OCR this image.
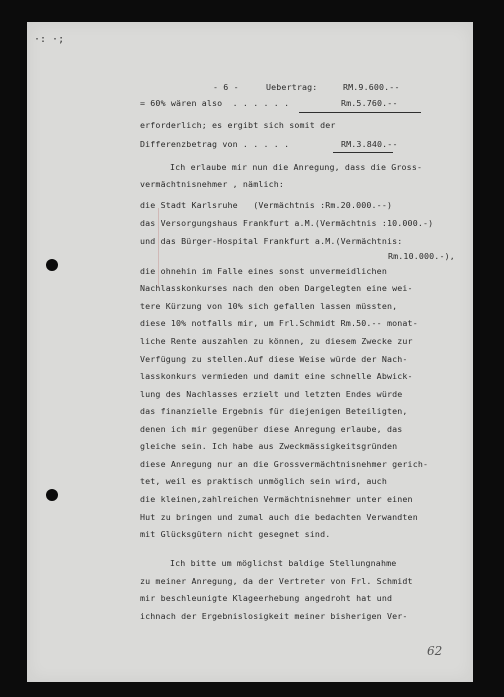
·: ·;
- 6 -	Uebertrag:	RM.9.600.--
= 60% wären also  . . . . . .	Rm.5.760.--
erforderlich; es ergibt sich somit der
Differenzbetrag von . . . . .	RM.3.840.--
Ich erlaube mir nun die Anregung, dass die Gross-
vermächtnisnehmer , nämlich:
die Stadt Karlsruhe   (Vermächtnis :Rm.20.000.--)
das Versorgungshaus Frankfurt a.M.(Vermächtnis :10.000.-)
und das Bürger-Hospital Frankfurt a.M.(Vermächtnis:
Rm.10.000.-),
die ohnehin im Falle eines sonst unvermeidlichen
Nachlasskonkurses nach den oben Dargelegten eine wei-
tere Kürzung von 10% sich gefallen lassen müssten,
diese 10% notfalls mir, um Frl.Schmidt Rm.50.-- monat-
liche Rente auszahlen zu können, zu diesem Zwecke zur
Verfügung zu stellen.Auf diese Weise würde der Nach-
lasskonkurs vermieden und damit eine schnelle Abwick-
lung des Nachlasses erzielt und letzten Endes würde
das finanzielle Ergebnis für diejenigen Beteiligten,
denen ich mir gegenüber diese Anregung erlaube, das
gleiche sein. Ich habe aus Zweckmässigkeitsgründen
diese Anregung nur an die Grossvermächtnisnehmer gerich-
tet, weil es praktisch unmöglich sein wird, auch
die kleinen,zahlreichen Vermächtnisnehmer unter einen
Hut zu bringen und zumal auch die bedachten Verwandten
mit Glücksgütern nicht gesegnet sind.
Ich bitte um möglichst baldige Stellungnahme
zu meiner Anregung, da der Vertreter von Frl. Schmidt
mir beschleunigte Klageerhebung angedroht hat und
ichnach der Ergebnislosigkeit meiner bisherigen Ver-
62
